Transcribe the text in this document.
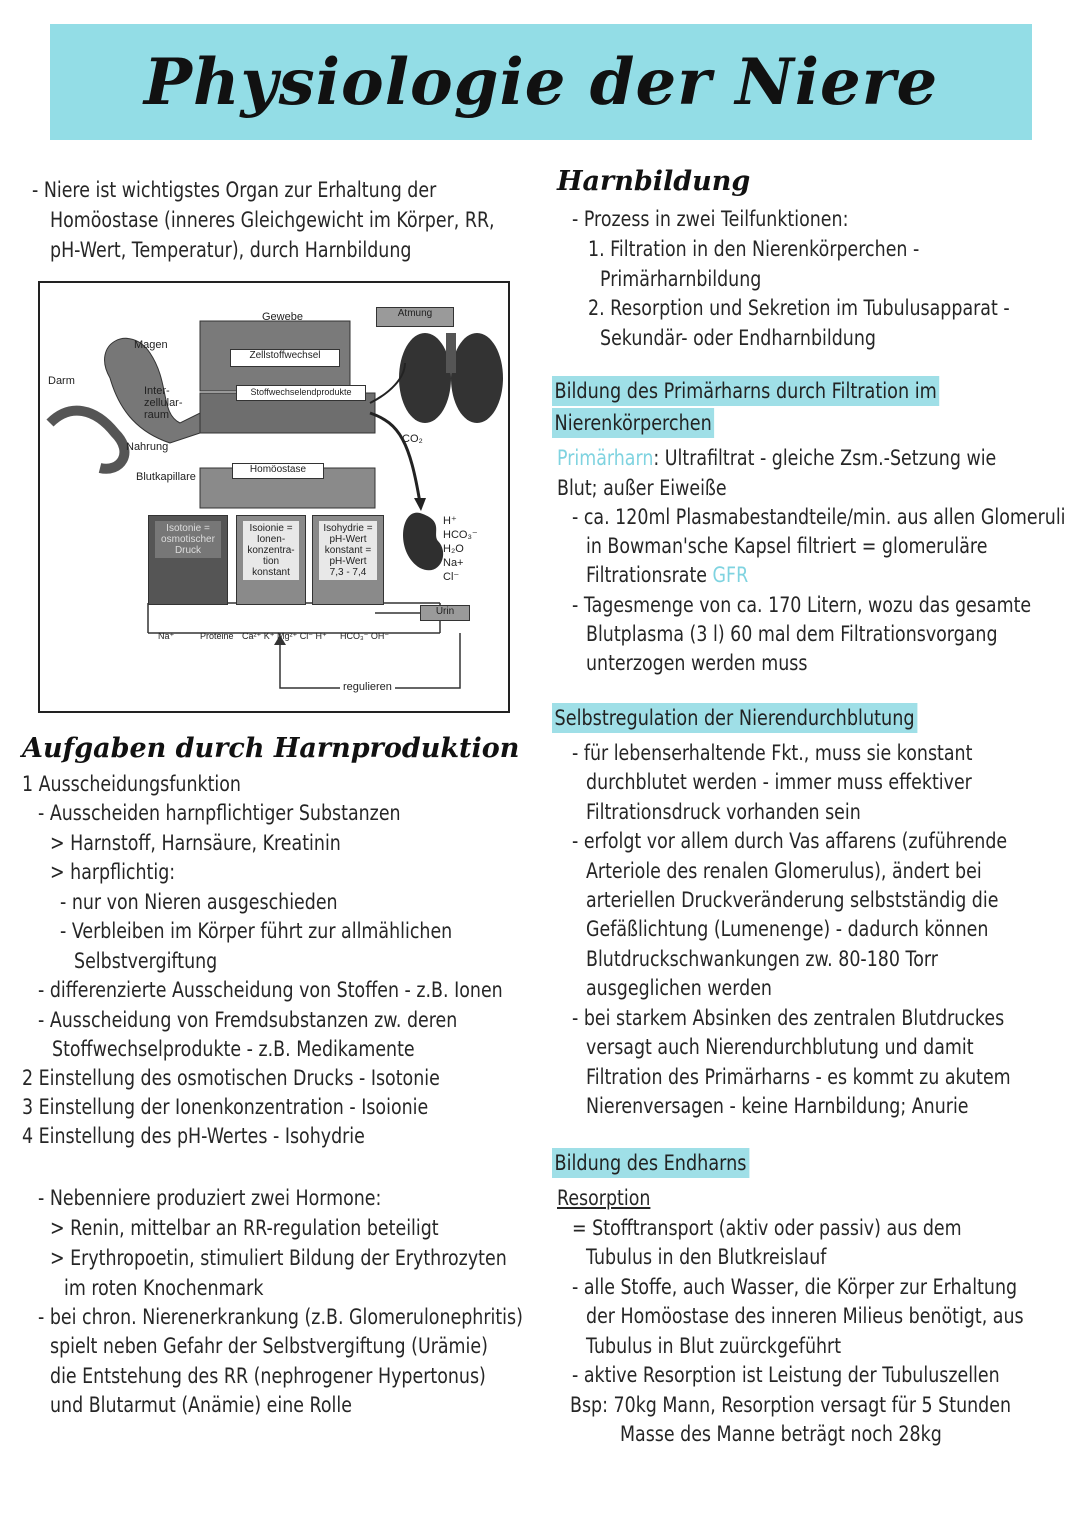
Physiologie der Niere
- Niere ist wichtigstes Organ zur Erhaltung der
Homöostase (inneres Gleichgewicht im Körper, RR,
pH-Wert, Temperatur), durch Harnbildung
Gewebe	Atmung
Magen
Darm
Zellstoffwechsel
Inter-
zellular-
raum
Stoffwechselendprodukte
Nahrung
CO₂
Blutkapillare
Homöostase
H⁺
HCO₃⁻
H₂O
Na+
Cl⁻
Isotonie =
osmotischer
Druck
Isoionie =
Ionen-
konzentra-
tion
konstant
Isohydrie =
pH-Wert
konstant =
pH-Wert
7,3 - 7,4
Urin
Na⁺	Proteine Ca²⁺ K⁺ Mg²⁺ Cl⁻ H⁺ HCO₃⁻ OH⁻
regulieren
Aufgaben durch Harnproduktion
1 Ausscheidungsfunktion
- Ausscheiden harnpflichtiger Substanzen
> Harnstoff, Harnsäure, Kreatinin
> harpflichtig:
- nur von Nieren ausgeschieden
- Verbleiben im Körper führt zur allmählichen
Selbstvergiftung
- differenzierte Ausscheidung von Stoffen - z.B. Ionen
- Ausscheidung von Fremdsubstanzen zw. deren
Stoffwechselprodukte - z.B. Medikamente
2 Einstellung des osmotischen Drucks - Isotonie
3 Einstellung der Ionenkonzentration - Isoionie
4 Einstellung des pH-Wertes - Isohydrie
- Nebenniere produziert zwei Hormone:
> Renin, mittelbar an RR-regulation beteiligt
> Erythropoetin, stimuliert Bildung der Erythrozyten
im roten Knochenmark
- bei chron. Nierenerkrankung (z.B. Glomerulonephritis)
spielt neben Gefahr der Selbstvergiftung (Urämie)
die Entstehung des RR (nephrogener Hypertonus)
und Blutarmut (Anämie) eine Rolle
Harnbildung
- Prozess in zwei Teilfunktionen:
1. Filtration in den Nierenkörperchen -
Primärharnbildung
2. Resorption und Sekretion im Tubulusapparat -
Sekundär- oder Endharnbildung
Bildung des Primärharns durch Filtration im
Nierenkörperchen
Primärharn: Ultrafiltrat - gleiche Zsm.-Setzung wie
Blut; außer Eiweiße
- ca. 120ml Plasmabestandteile/min. aus allen Glomeruli
in Bowman'sche Kapsel filtriert = glomeruläre
Filtrationsrate GFR
- Tagesmenge von ca. 170 Litern, wozu das gesamte
Blutplasma (3 l) 60 mal dem Filtrationsvorgang
unterzogen werden muss
Selbstregulation der Nierendurchblutung
- für lebenserhaltende Fkt., muss sie konstant
durchblutet werden - immer muss effektiver
Filtrationsdruck vorhanden sein
- erfolgt vor allem durch Vas affarens (zuführende
Arteriole des renalen Glomerulus), ändert bei
arteriellen Druckveränderung selbstständig die
Gefäßlichtung (Lumenenge) - dadurch können
Blutdruckschwankungen zw. 80-180 Torr
ausgeglichen werden
- bei starkem Absinken des zentralen Blutdruckes
versagt auch Nierendurchblutung und damit
Filtration des Primärharns - es kommt zu akutem
Nierenversagen - keine Harnbildung; Anurie
Bildung des Endharns
Resorption
= Stofftransport (aktiv oder passiv) aus dem
Tubulus in den Blutkreislauf
- alle Stoffe, auch Wasser, die Körper zur Erhaltung
der Homöostase des inneren Milieus benötigt, aus
Tubulus in Blut zuürckgeführt
- aktive Resorption ist Leistung der Tubuluszellen
Bsp: 70kg Mann, Resorption versagt für 5 Stunden
Masse des Manne beträgt noch 28kg
